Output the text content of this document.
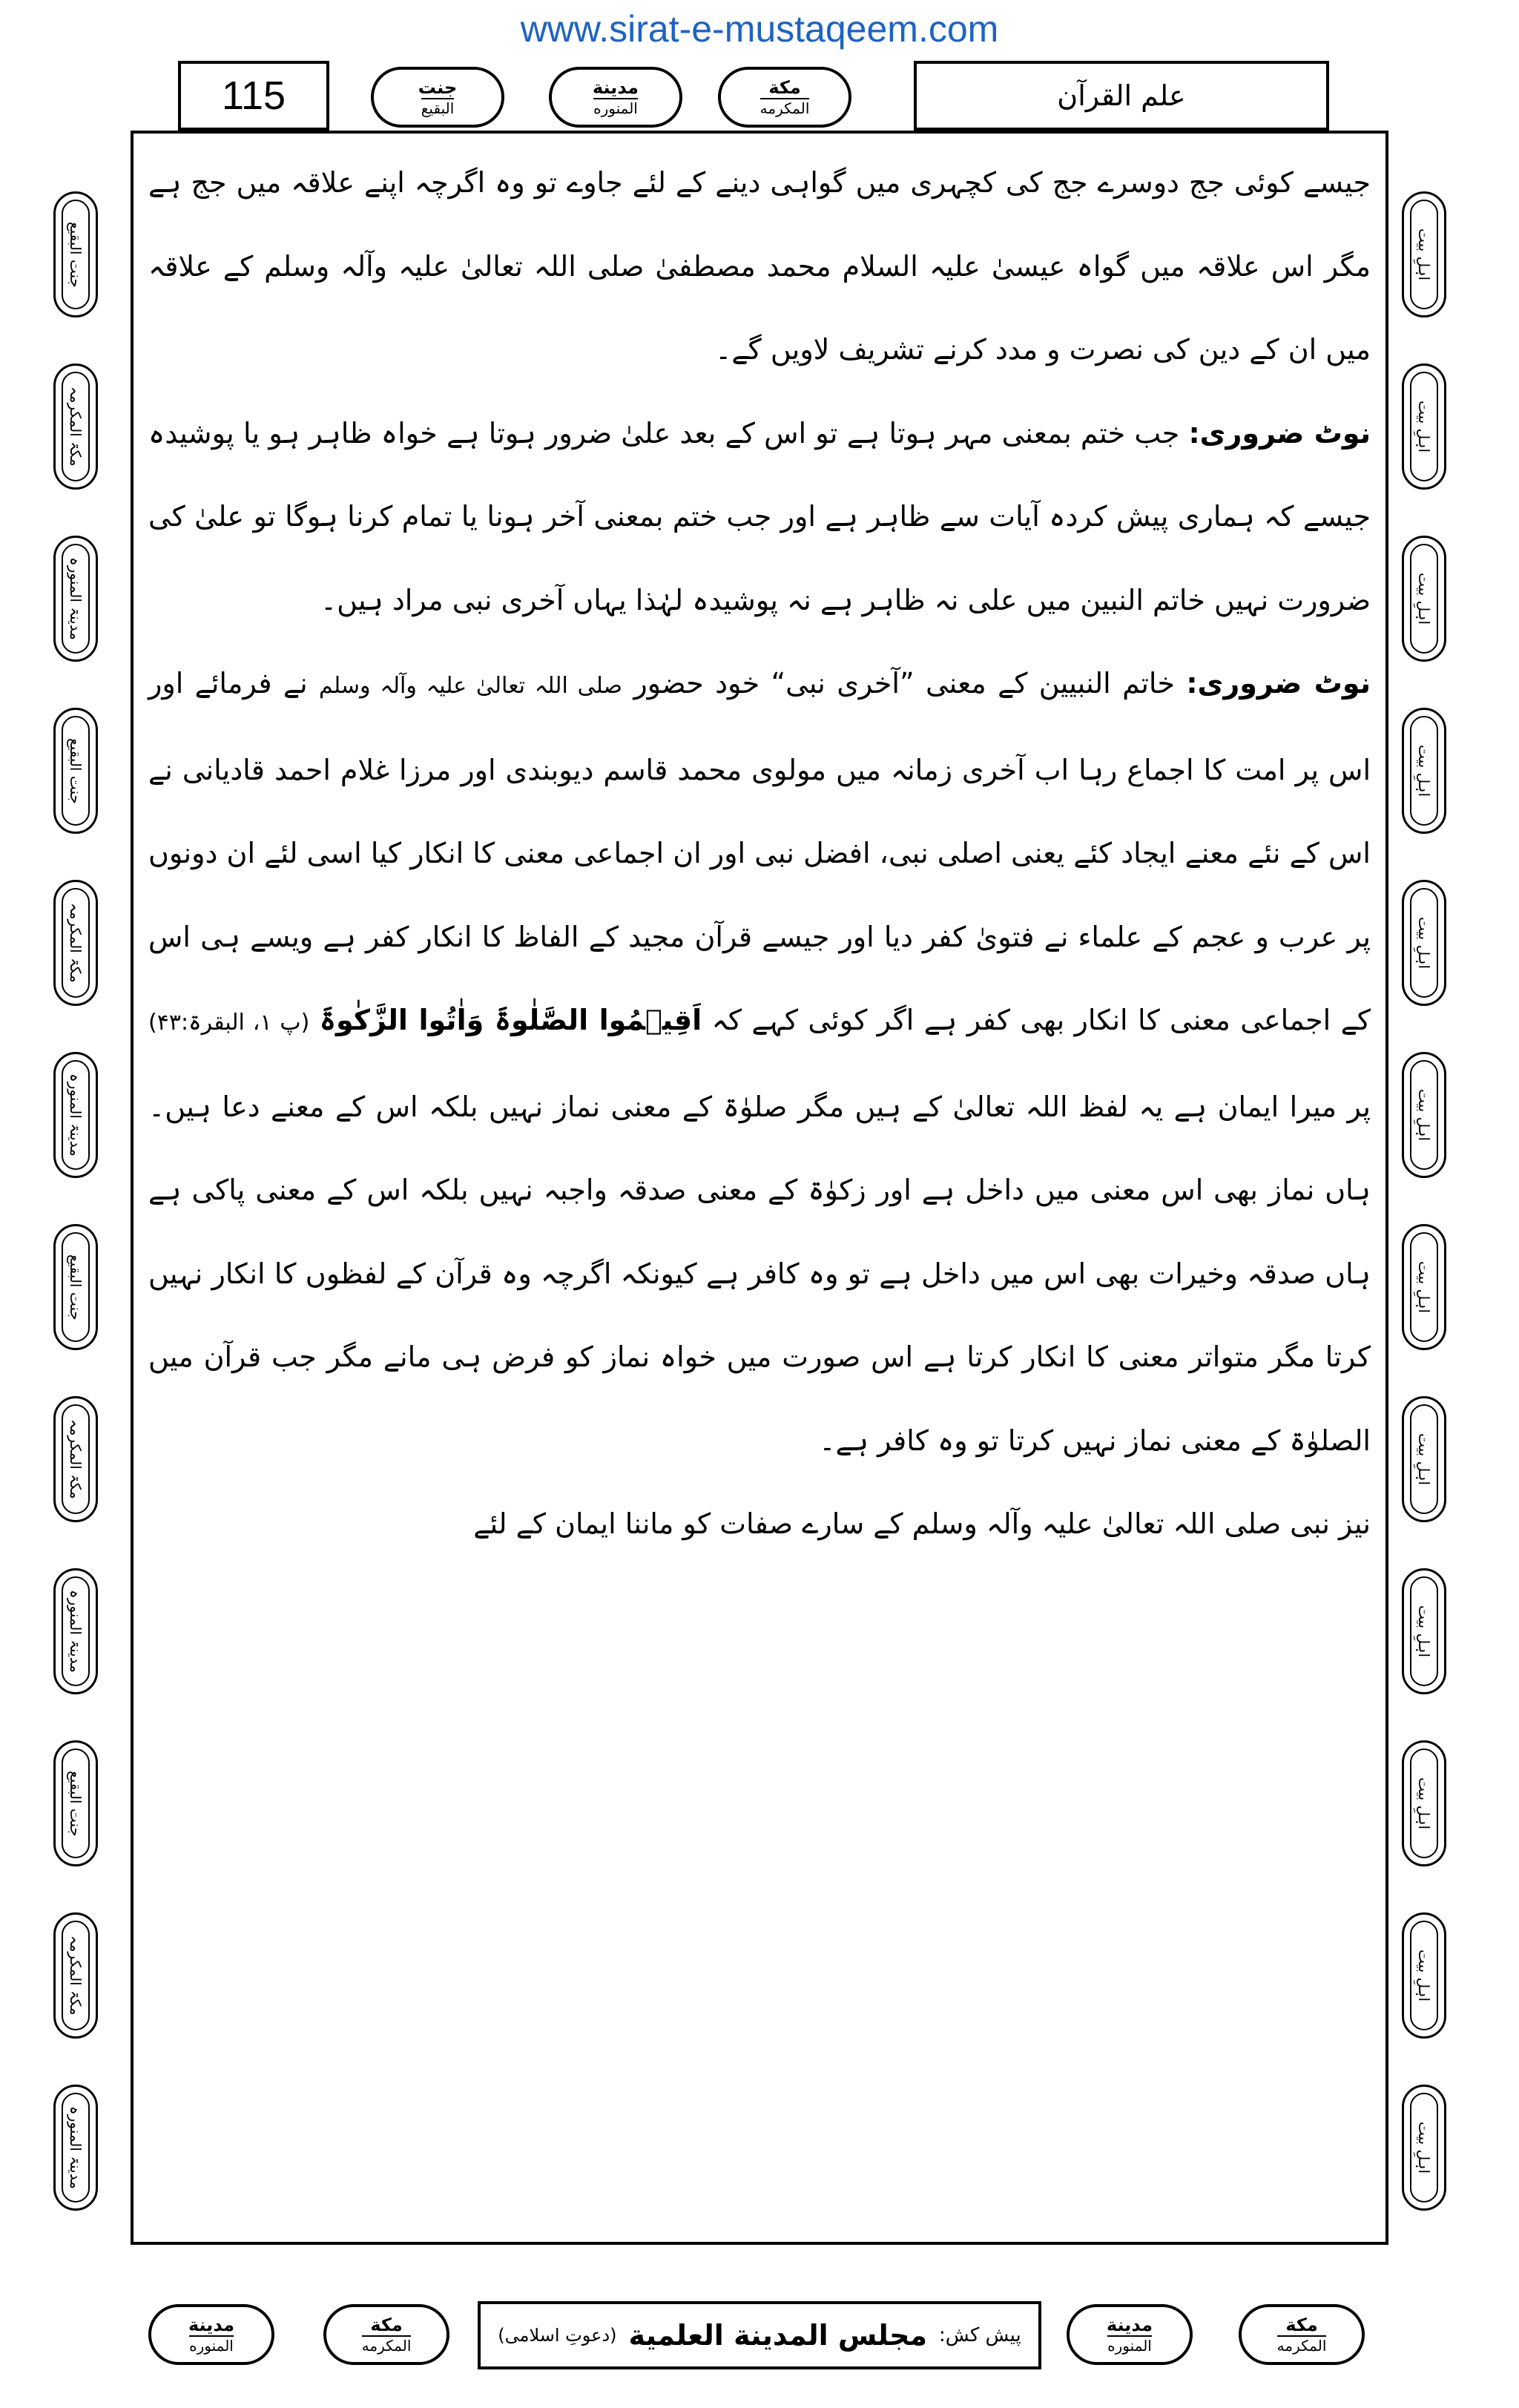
www.sirat-e-mustaqeem.com
115	جنت
البقيع
مدينة
المنوره
مكة
المكرمه	علم القرآن
جنت البقیع
مکۃ المکرمہ
مدینۃ المنورہ
جنت البقیع
مکۃ المکرمہ
مدینۃ المنورہ
جنت البقیع
مکۃ المکرمہ
مدینۃ المنورہ
جنت البقیع
مکۃ المکرمہ
مدینۃ المنورہ
اہلِ بیت
اہلِ بیت
اہلِ بیت
اہلِ بیت
اہلِ بیت
اہلِ بیت
اہلِ بیت
اہلِ بیت
اہلِ بیت
اہلِ بیت
اہلِ بیت
اہلِ بیت

جیسے کوئی جج دوسرے جج کی کچہری میں گواہی دینے کے لئے جاوے تو وہ اگرچہ اپنے علاقہ میں جج ہے مگر اس علاقہ میں گواہ عیسیٰ علیہ السلام محمد مصطفیٰ صلی اللہ تعالیٰ علیہ وآلہ وسلم کے علاقہ میں ان کے دین کی نصرت و مدد کرنے تشریف لاویں گے۔

نوٹ ضروری: جب ختم بمعنی مہر ہوتا ہے تو اس کے بعد علیٰ ضرور ہوتا ہے خواہ ظاہر ہو یا پوشیدہ جیسے کہ ہماری پیش کردہ آیات سے ظاہر ہے اور جب ختم بمعنی آخر ہونا یا تمام کرنا ہوگا تو علیٰ کی ضرورت نہیں خاتم النبین میں علی نہ ظاہر ہے نہ پوشیدہ لہٰذا یہاں آخری نبی مراد ہیں۔

نوٹ ضروری: خاتم النبیین کے معنی ”آخری نبی“ خود حضور صلی اللہ تعالیٰ علیہ وآلہ وسلم نے فرمائے اور اس پر امت کا اجماع رہا اب آخری زمانہ میں مولوی محمد قاسم دیوبندی اور مرزا غلام احمد قادیانی نے اس کے نئے معنے ایجاد کئے یعنی اصلی نبی، افضل نبی اور ان اجماعی معنی کا انکار کیا اسی لئے ان دونوں پر عرب و عجم کے علماء نے فتویٰ کفر دیا اور جیسے قرآن مجید کے الفاظ کا انکار کفر ہے ویسے ہی اس کے اجماعی معنی کا انکار بھی کفر ہے اگر کوئی کہے کہ اَقِیۡمُوا الصَّلٰوۃَ وَاٰتُوا الزَّکٰوۃَ (پ ۱، البقرۃ:۴۳) پر میرا ایمان ہے یہ لفظ اللہ تعالیٰ کے ہیں مگر صلوٰۃ کے معنی نماز نہیں بلکہ اس کے معنے دعا ہیں۔ ہاں نماز بھی اس معنی میں داخل ہے اور زکوٰۃ کے معنی صدقہ واجبہ نہیں بلکہ اس کے معنی پاکی ہے ہاں صدقہ وخیرات بھی اس میں داخل ہے تو وہ کافر ہے کیونکہ اگرچہ وہ قرآن کے لفظوں کا انکار نہیں کرتا مگر متواتر معنی کا انکار کرتا ہے اس صورت میں خواہ نماز کو فرض ہی مانے مگر جب قرآن میں الصلوٰۃ کے معنی نماز نہیں کرتا تو وہ کافر ہے۔

نیز نبی صلی اللہ تعالیٰ علیہ وآلہ وسلم کے سارے صفات کو ماننا ایمان کے لئے

مدينة
المنوره
مكة
المكرمه	پیش کش:
مجلس المدينة العلمية
(دعوتِ اسلامی)	مدينة
المنوره
مكة
المكرمه
